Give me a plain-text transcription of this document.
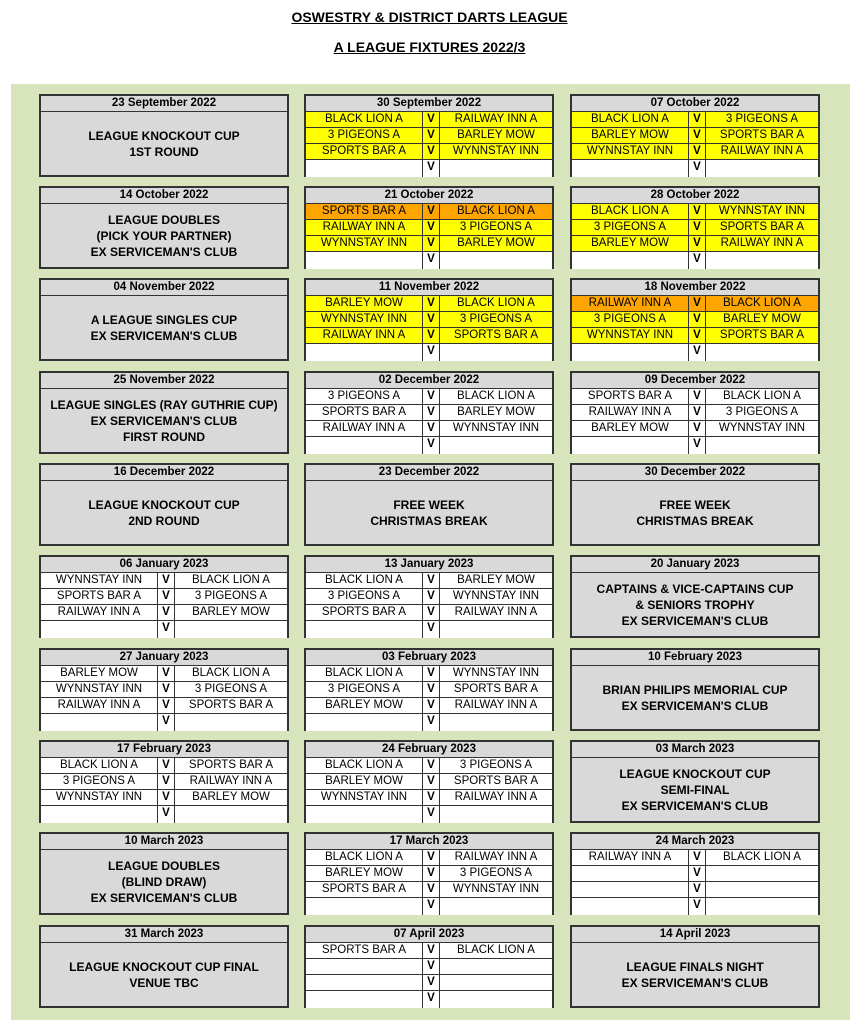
OSWESTRY & DISTRICT DARTS LEAGUE
A LEAGUE FIXTURES 2022/3
23 September 2022
LEAGUE KNOCKOUT CUP
1ST ROUND
30 September 2022
BLACK LION A	V	RAILWAY INN A
3 PIGEONS A	V	BARLEY MOW
SPORTS BAR A	V	WYNNSTAY INN
V
07 October 2022
BLACK LION A	V	3 PIGEONS A
BARLEY MOW	V	SPORTS BAR A
WYNNSTAY INN	V	RAILWAY INN A
V
14 October 2022
LEAGUE DOUBLES
(PICK YOUR PARTNER)
EX SERVICEMAN'S CLUB
21 October 2022
SPORTS BAR A	V	BLACK LION A
RAILWAY INN A	V	3 PIGEONS A
WYNNSTAY INN	V	BARLEY MOW
V
28 October 2022
BLACK LION A	V	WYNNSTAY INN
3 PIGEONS A	V	SPORTS BAR A
BARLEY MOW	V	RAILWAY INN A
V
04 November 2022
A LEAGUE SINGLES CUP
EX SERVICEMAN'S CLUB
11 November 2022
BARLEY MOW	V	BLACK LION A
WYNNSTAY INN	V	3 PIGEONS A
RAILWAY INN A	V	SPORTS BAR A
V
18 November 2022
RAILWAY INN A	V	BLACK LION A
3 PIGEONS A	V	BARLEY MOW
WYNNSTAY INN	V	SPORTS BAR A
V
25 November 2022
LEAGUE SINGLES (RAY GUTHRIE CUP)
EX SERVICEMAN'S CLUB
FIRST ROUND
02 December 2022
3 PIGEONS A	V	BLACK LION A
SPORTS BAR A	V	BARLEY MOW
RAILWAY INN A	V	WYNNSTAY INN
V
09 December 2022
SPORTS BAR A	V	BLACK LION A
RAILWAY INN A	V	3 PIGEONS A
BARLEY MOW	V	WYNNSTAY INN
V
16 December 2022
LEAGUE KNOCKOUT CUP
2ND ROUND
23 December 2022
FREE WEEK
CHRISTMAS BREAK
30 December 2022
FREE WEEK
CHRISTMAS BREAK
06 January 2023
WYNNSTAY INN	V	BLACK LION A
SPORTS BAR A	V	3 PIGEONS A
RAILWAY INN A	V	BARLEY MOW
V
13 January 2023
BLACK LION A	V	BARLEY MOW
3 PIGEONS A	V	WYNNSTAY INN
SPORTS BAR A	V	RAILWAY INN A
V
20 January 2023
CAPTAINS & VICE-CAPTAINS CUP
& SENIORS TROPHY
EX SERVICEMAN'S CLUB
27 January 2023
BARLEY MOW	V	BLACK LION A
WYNNSTAY INN	V	3 PIGEONS A
RAILWAY INN A	V	SPORTS BAR A
V
03 February 2023
BLACK LION A	V	WYNNSTAY INN
3 PIGEONS A	V	SPORTS BAR A
BARLEY MOW	V	RAILWAY INN A
V
10 February 2023
BRIAN PHILIPS MEMORIAL CUP
EX SERVICEMAN'S CLUB
17 February 2023
BLACK LION A	V	SPORTS BAR A
3 PIGEONS A	V	RAILWAY INN A
WYNNSTAY INN	V	BARLEY MOW
V
24 February 2023
BLACK LION A	V	3 PIGEONS A
BARLEY MOW	V	SPORTS BAR A
WYNNSTAY INN	V	RAILWAY INN A
V
03 March 2023
LEAGUE KNOCKOUT CUP
SEMI-FINAL
EX SERVICEMAN'S CLUB
10 March 2023
LEAGUE DOUBLES
(BLIND DRAW)
EX SERVICEMAN'S CLUB
17 March 2023
BLACK LION A	V	RAILWAY INN A
BARLEY MOW	V	3 PIGEONS A
SPORTS BAR A	V	WYNNSTAY INN
V
24 March 2023
RAILWAY INN A	V	BLACK LION A
V
V
V
31 March 2023
LEAGUE KNOCKOUT CUP FINAL
VENUE TBC
07 April 2023
SPORTS BAR A	V	BLACK LION A
V
V
V
14 April 2023
LEAGUE FINALS NIGHT
EX SERVICEMAN'S CLUB
